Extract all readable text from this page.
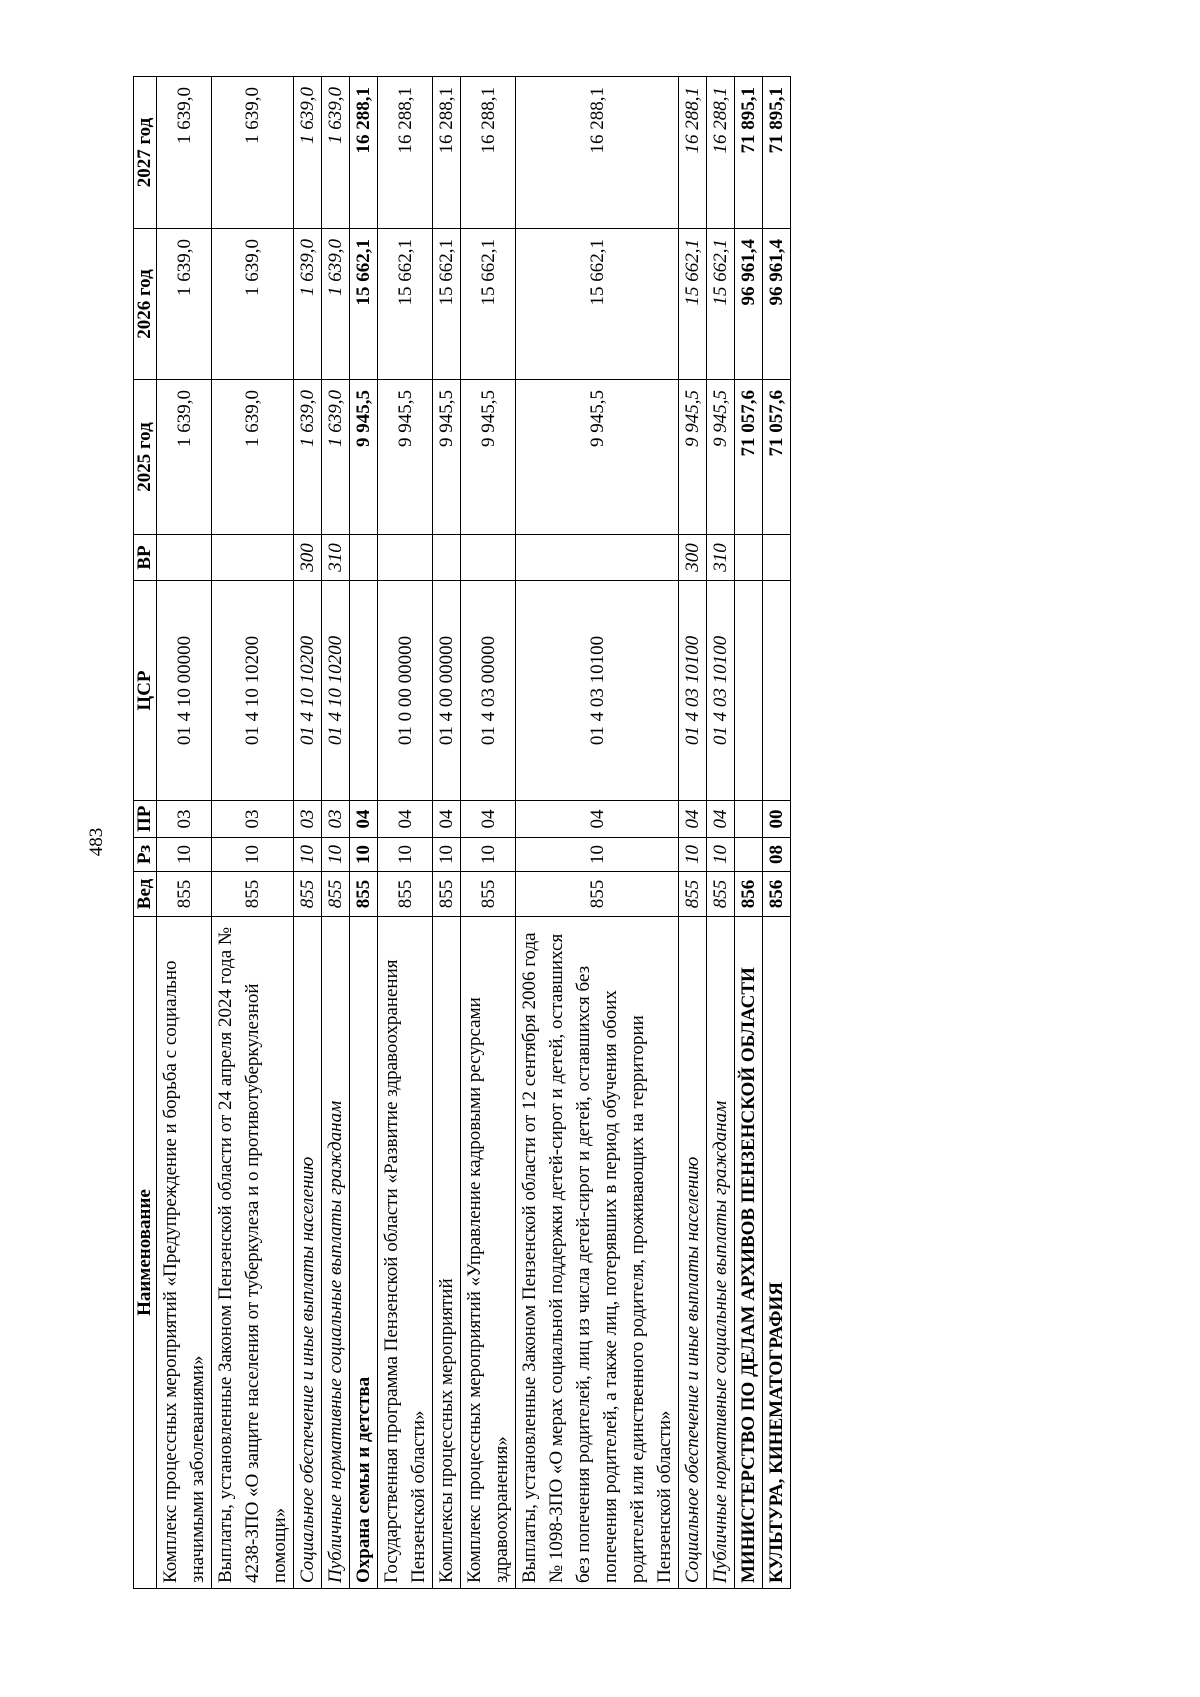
483
Наименование	Вед	Рз	ПР	ЦСР	ВР	2025 год	2026 год	2027 год
Комплекс процессных мероприятий «Предупреждение и борьба с социально значимыми заболеваниями»	855	10	03	01 4 10 00000		1 639,0	1 639,0	1 639,0
Выплаты, установленные Законом Пензенской области от 24 апреля 2024 года № 4238-ЗПО «О защите населения от туберкулеза и о противотуберкулезной помощи»	855	10	03	01 4 10 10200		1 639,0	1 639,0	1 639,0
Социальное обеспечение и иные выплаты населению	855	10	03	01 4 10 10200	300	1 639,0	1 639,0	1 639,0
Публичные нормативные социальные выплаты гражданам	855	10	03	01 4 10 10200	310	1 639,0	1 639,0	1 639,0
Охрана семьи и детства	855	10	04			9 945,5	15 662,1	16 288,1
Государственная программа Пензенской области «Развитие здравоохранения Пензенской области»	855	10	04	01 0 00 00000		9 945,5	15 662,1	16 288,1
Комплексы процессных мероприятий	855	10	04	01 4 00 00000		9 945,5	15 662,1	16 288,1
Комплекс процессных мероприятий «Управление кадровыми ресурсами здравоохранения»	855	10	04	01 4 03 00000		9 945,5	15 662,1	16 288,1
Выплаты, установленные Законом Пензенской области от 12 сентября 2006 года № 1098-ЗПО «О мерах социальной поддержки детей-сирот и детей, оставшихся без попечения родителей, лиц из числа детей-сирот и детей, оставшихся без попечения родителей, а также лиц, потерявших в период обучения обоих родителей или единственного родителя, проживающих на территории Пензенской области»	855	10	04	01 4 03 10100		9 945,5	15 662,1	16 288,1
Социальное обеспечение и иные выплаты населению	855	10	04	01 4 03 10100	300	9 945,5	15 662,1	16 288,1
Публичные нормативные социальные выплаты гражданам	855	10	04	01 4 03 10100	310	9 945,5	15 662,1	16 288,1
МИНИСТЕРСТВО ПО ДЕЛАМ АРХИВОВ ПЕНЗЕНСКОЙ ОБЛАСТИ	856					71 057,6	96 961,4	71 895,1
КУЛЬТУРА, КИНЕМАТОГРАФИЯ	856	08	00			71 057,6	96 961,4	71 895,1
